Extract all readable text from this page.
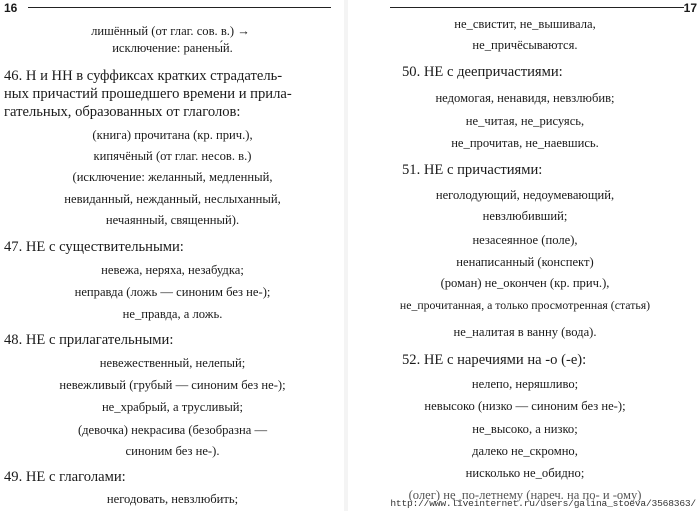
16
лишённый (от глаг. сов. в.) →
исключение: ранены́й.
46. Н и НН в суффиксах кратких страдатель-
ных причастий прошедшего времени и прила-
гательных, образованных от глаголов:
(книга) прочитана (кр. прич.),
кипячёный (от глаг. несов. в.)
(исключение: желанный, медленный,
невиданный, нежданный, неслыханный,
нечаянный, священный).
47. НЕ с существительными:
невежа, неряха, незабудка;
неправда (ложь — синоним без не-);
не_правда, а ложь.
48. НЕ с прилагательными:
невежественный, нелепый;
невежливый (грубый — синоним без не-);
не_храбрый, а трусливый;
(девочка) некрасива (безобразна —
синоним без не-).
49. НЕ с глаголами:
негодовать, невзлюбить;
17
не_свистит, не_вышивала,
не_причёсываются.
50. НЕ с деепричастиями:
недомогая, ненавидя, невзлюбив;
не_читая, не_рисуясь,
не_прочитав, не_наевшись.
51. НЕ с причастиями:
неголодующий, недоумевающий,
невзлюбивший;
незасеянное (поле),
ненаписанный (конспект)
(роман) не_окончен (кр. прич.),
не_прочитанная, а только просмотренная (статья)
не_налитая в ванну (вода).
52. НЕ с наречиями на -о (-е):
нелепо, неряшливо;
невысоко (низко — синоним без не-);
не_высоко, а низко;
далеко не_скромно,
нисколько не_обидно;
(олег) не_по-летнему (нареч. на по- и -ому)
http://www.liveinternet.ru/users/galina_stoeva/3568363/
